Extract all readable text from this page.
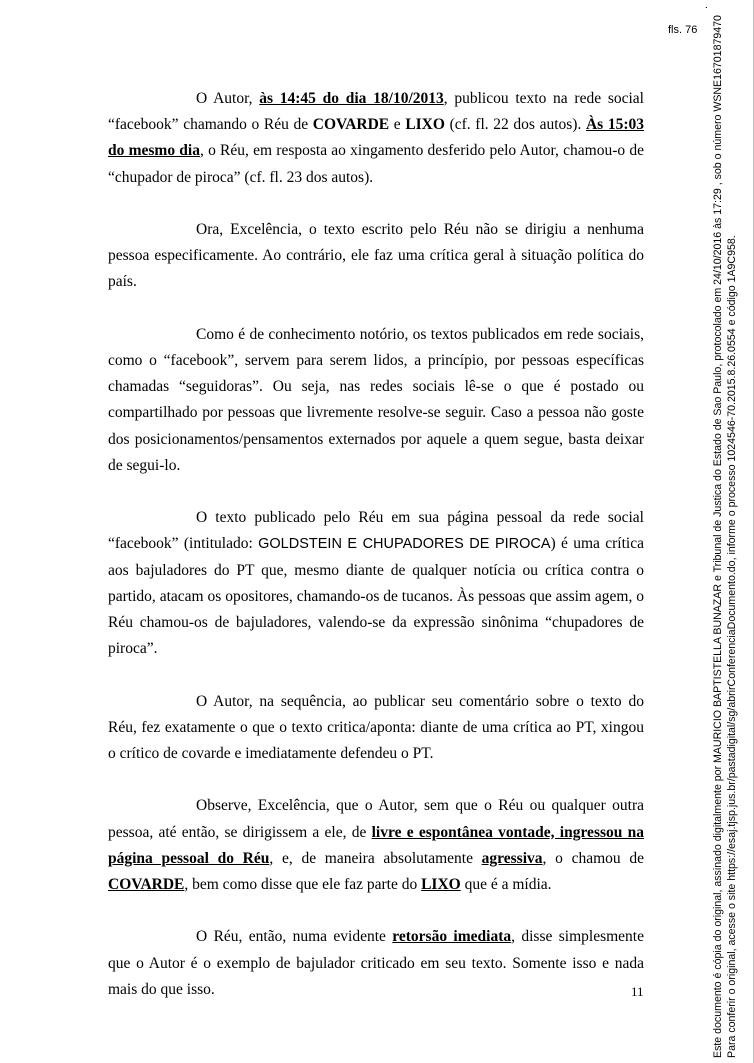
fls. 76

O Autor, às 14:45 do dia 18/10/2013, publicou texto na rede social “facebook” chamando o Réu de COVARDE e LIXO (cf. fl. 22 dos autos). Às 15:03 do mesmo dia, o Réu, em resposta ao xingamento desferido pelo Autor, chamou-o de “chupador de piroca” (cf. fl. 23 dos autos).

Ora, Excelência, o texto escrito pelo Réu não se dirigiu a nenhuma pessoa especificamente. Ao contrário, ele faz uma crítica geral à situação política do país.

Como é de conhecimento notório, os textos publicados em rede sociais, como o “facebook”, servem para serem lidos, a princípio, por pessoas específicas chamadas “seguidoras”. Ou seja, nas redes sociais lê-se o que é postado ou compartilhado por pessoas que livremente resolve-se seguir. Caso a pessoa não goste dos posicionamentos/pensamentos externados por aquele a quem segue, basta deixar de segui-lo.

O texto publicado pelo Réu em sua página pessoal da rede social “facebook” (intitulado: GOLDSTEIN E CHUPADORES DE PIROCA) é uma crítica aos bajuladores do PT que, mesmo diante de qualquer notícia ou crítica contra o partido, atacam os opositores, chamando-os de tucanos. Às pessoas que assim agem, o Réu chamou-os de bajuladores, valendo-se da expressão sinônima “chupadores de piroca”.

O Autor, na sequência, ao publicar seu comentário sobre o texto do Réu, fez exatamente o que o texto critica/aponta: diante de uma crítica ao PT, xingou o crítico de covarde e imediatamente defendeu o PT.

Observe, Excelência, que o Autor, sem que o Réu ou qualquer outra pessoa, até então, se dirigissem a ele, de livre e espontânea vontade, ingressou na página pessoal do Réu, e, de maneira absolutamente agressiva, o chamou de COVARDE, bem como disse que ele faz parte do LIXO que é a mídia.

O Réu, então, numa evidente retorsão imediata, disse simplesmente que o Autor é o exemplo de bajulador criticado em seu texto. Somente isso e nada mais do que isso.	11
.
Este documento é cópia do original, assinado digitalmente por MAURICIO BAPTISTELLA BUNAZAR e Tribunal de Justica do Estado de Sao Paulo, protocolado em 24/10/2016 às 17:29 , sob o número WSNE16701879470 Para conferir o original, acesse o site https://esaj.tjsp.jus.br/pastadigital/sg/abrirConferenciaDocumento.do, informe o processo 1024546-70.2015.8.26.0554 e código 1A9C958.
